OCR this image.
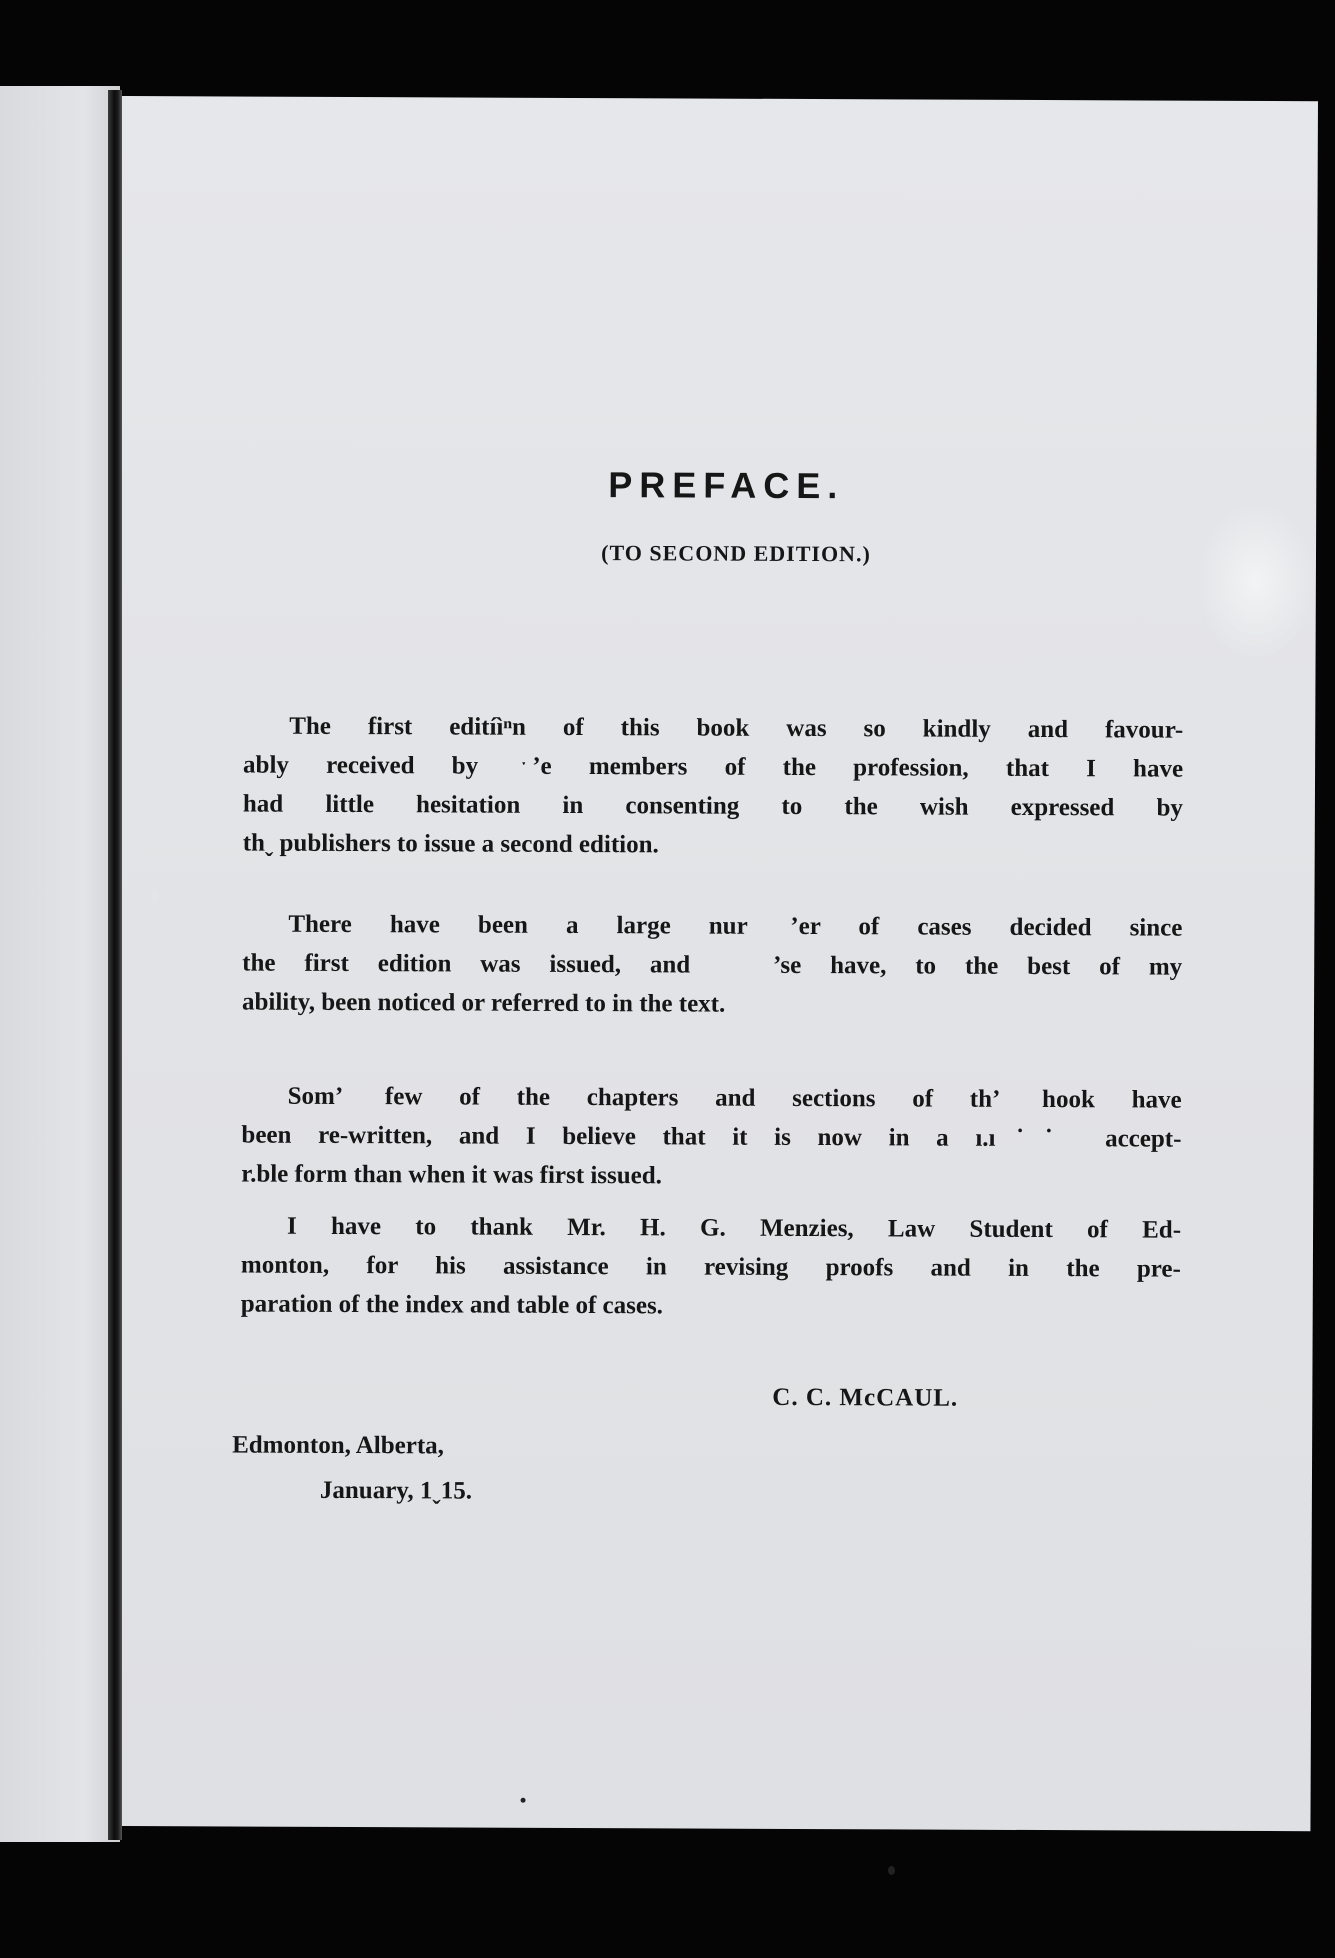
PREFACE.
(TO SECOND EDITION.)
The first editíìⁿn of this book was so kindly and favour-
ably received by  ˑ ’e members of the profession, that I have
had little hesitation in consenting to the wish expressed by
thˬ publishers to issue a second edition.
There have been a large nur  ’er of cases decided since
the first edition was issued, and   ’se have, to the best of my
ability, been noticed or referred to in the text.
Som’  few of the chapters and sections of th’  hook have
been re-written, and I believe that it is now in a ı.ı˙˙  accept-
r.ble form than when it was first issued.
I have to thank Mr. H. G. Menzies, Law Student of Ed-
monton, for his assistance in revising proofs and in the pre-
paration of the index and table of cases.
C. C. McCAUL.
Edmonton, Alberta,
January, 1ˬ15.
